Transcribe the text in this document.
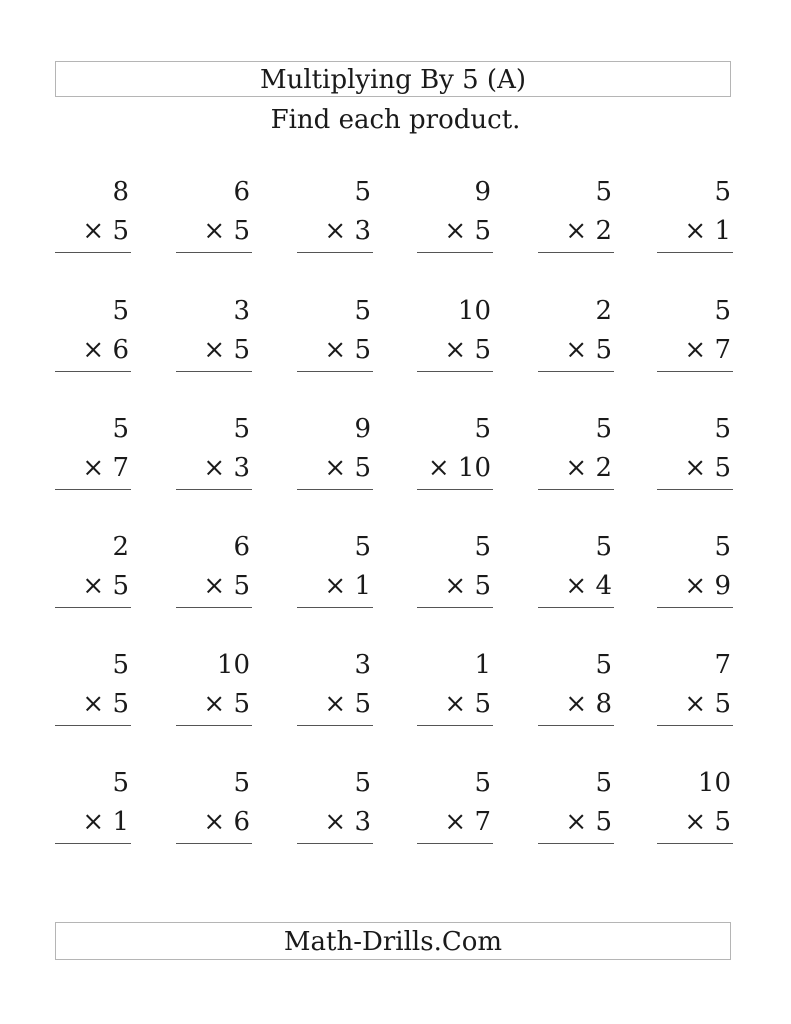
Multiplying By 5 (A)
Find each product.
8
× 5
6
× 5
5
× 3
9
× 5
5
× 2
5
× 1
5
× 6
3
× 5
5
× 5
10
× 5
2
× 5
5
× 7
5
× 7
5
× 3
9
× 5
5
× 10
5
× 2
5
× 5
2
× 5
6
× 5
5
× 1
5
× 5
5
× 4
5
× 9
5
× 5
10
× 5
3
× 5
1
× 5
5
× 8
7
× 5
5
× 1
5
× 6
5
× 3
5
× 7
5
× 5
10
× 5
Math-Drills.Com
